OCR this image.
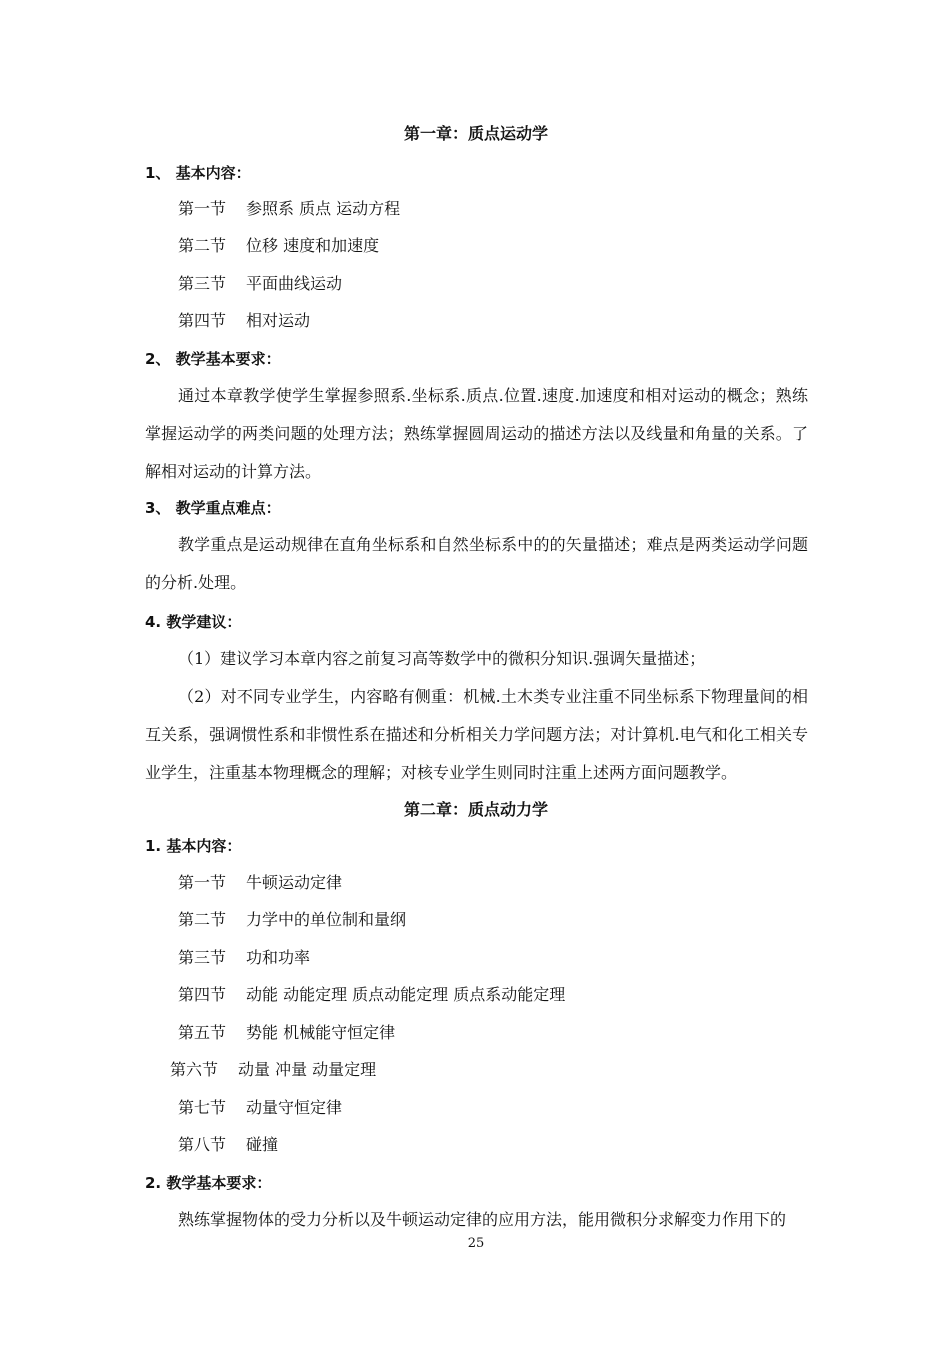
第一章：质点运动学
1、 基本内容：
第一节 参照系 质点 运动方程
第二节 位移 速度和加速度
第三节 平面曲线运动
第四节 相对运动
2、 教学基本要求：
通过本章教学使学生掌握参照系.坐标系.质点.位置.速度.加速度和相对运动的概念；熟练掌握运动学的两类问题的处理方法；熟练掌握圆周运动的描述方法以及线量和角量的关系。了解相对运动的计算方法。
3、 教学重点难点：
教学重点是运动规律在直角坐标系和自然坐标系中的的矢量描述；难点是两类运动学问题的分析.处理。
4. 教学建议：
（1）建议学习本章内容之前复习高等数学中的微积分知识.强调矢量描述；
（2）对不同专业学生，内容略有侧重：机械.土木类专业注重不同坐标系下物理量间的相互关系，强调惯性系和非惯性系在描述和分析相关力学问题方法；对计算机.电气和化工相关专业学生，注重基本物理概念的理解；对核专业学生则同时注重上述两方面问题教学。
第二章：质点动力学
1. 基本内容：
第一节 牛顿运动定律
第二节 力学中的单位制和量纲
第三节 功和功率
第四节 动能 动能定理 质点动能定理 质点系动能定理
第五节 势能 机械能守恒定律
第六节 动量 冲量 动量定理
第七节 动量守恒定律
第八节 碰撞
2. 教学基本要求：
熟练掌握物体的受力分析以及牛顿运动定律的应用方法，能用微积分求解变力作用下的
25
